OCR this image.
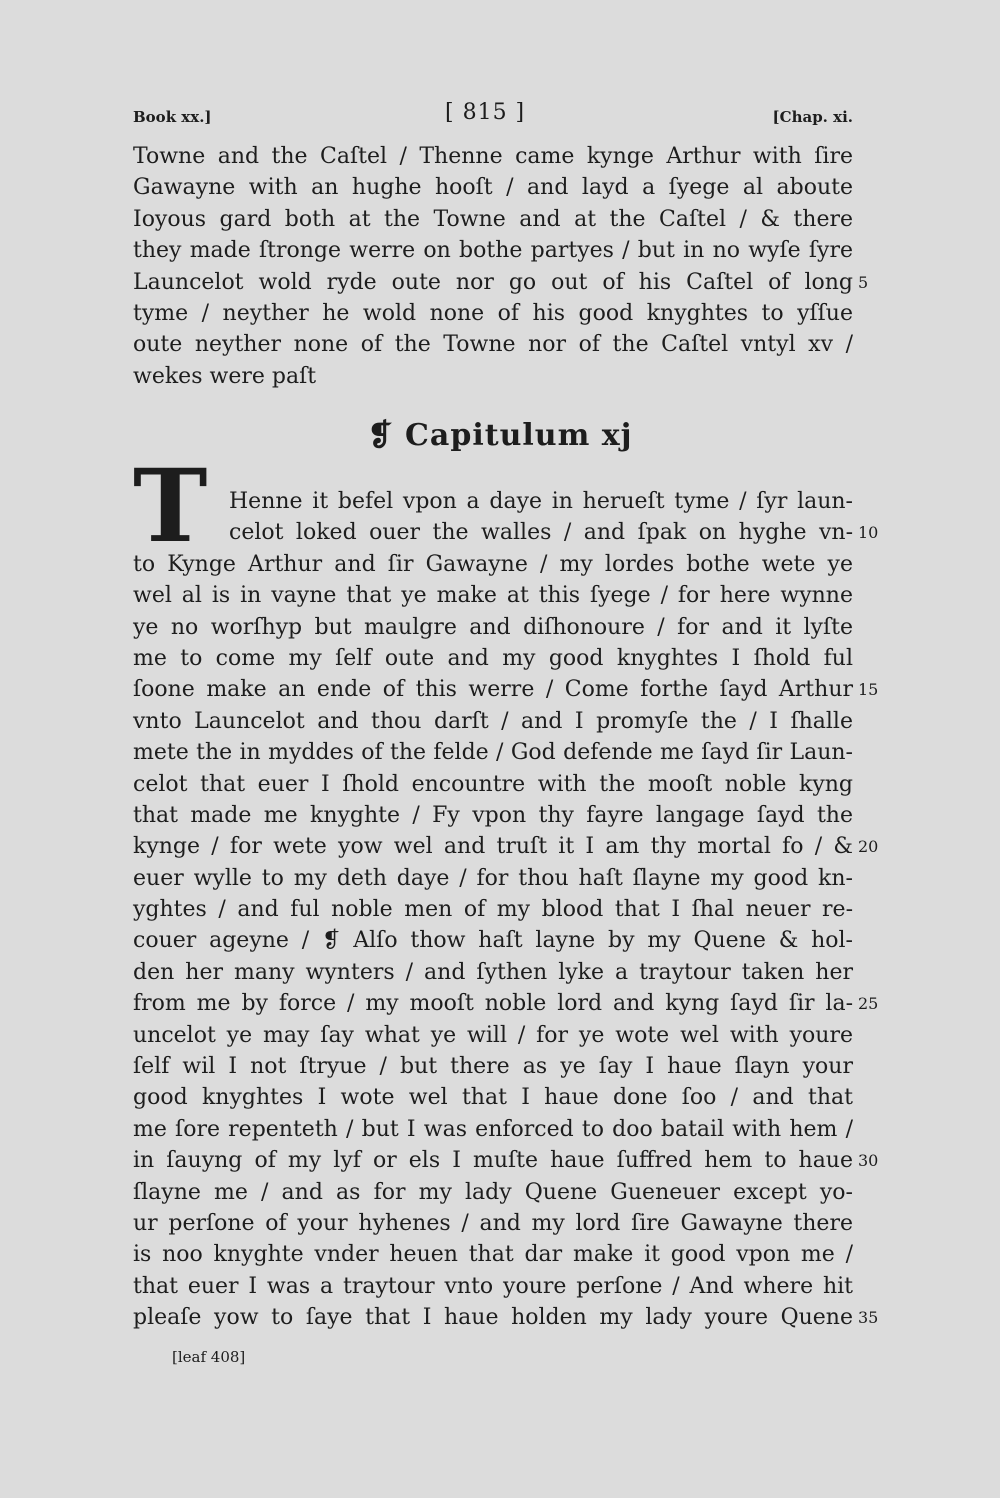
Book xx.]	[ 815 ]	[Chap. xi.
Towne and the Caſtel / Thenne came kynge Arthur with ſire
Gawayne with an hughe hooſt / and layd a ſyege al aboute
Ioyous gard both at the Towne and at the Caſtel / & there
they made ſtronge werre on bothe partyes / but in no wyſe ſyre
Launcelot wold ryde oute nor go out of his Caſtel of long
tyme / neyther he wold none of his good knyghtes to yſſue
oute neyther none of the Towne nor of the Caſtel vntyl xv /
wekes were paſt
5
❡ Capitulum xj
T Henne it befel vpon a daye in herueſt tyme / ſyr laun-
celot loked ouer the walles / and ſpak on hyghe vn-
to Kynge Arthur and ſir Gawayne / my lordes bothe wete ye
wel al is in vayne that ye make at this ſyege / for here wynne
ye no worſhyp but maulgre and diſhonoure / for and it lyſte
me to come my ſelf oute and my good knyghtes I ſhold ful
ſoone make an ende of this werre / Come forthe ſayd Arthur
vnto Launcelot and thou darſt / and I promyſe the / I ſhalle
mete the in myddes of the felde / God defende me ſayd ſir Laun-
celot that euer I ſhold encountre with the mooſt noble kyng
that made me knyghte / Fy vpon thy fayre langage ſayd the
kynge / for wete yow wel and truſt it I am thy mortal fo / &
euer wylle to my deth daye / for thou haſt ſlayne my good kn-
yghtes / and ful noble men of my blood that I ſhal neuer re-
couer ageyne / ❡ Alſo thow haſt layne by my Quene & hol-
den her many wynters / and ſythen lyke a traytour taken her
from me by force / my mooſt noble lord and kyng ſayd ſir la-
uncelot ye may ſay what ye will / for ye wote wel with youre
ſelf wil I not ſtryue / but there as ye ſay I haue ſlayn your
good knyghtes I wote wel that I haue done ſoo / and that
me ſore repenteth / but I was enforced to doo batail with hem /
in ſauyng of my lyf or els I muſte haue ſuffred hem to haue
ſlayne me / and as for my lady Quene Gueneuer except yo-
ur perſone of your hyhenes / and my lord ſire Gawayne there
is noo knyghte vnder heuen that dar make it good vpon me /
that euer I was a traytour vnto youre perſone / And where hit
pleaſe yow to ſaye that I haue holden my lady youre Quene
10
15
20
25
30
35
[leaf 408]
